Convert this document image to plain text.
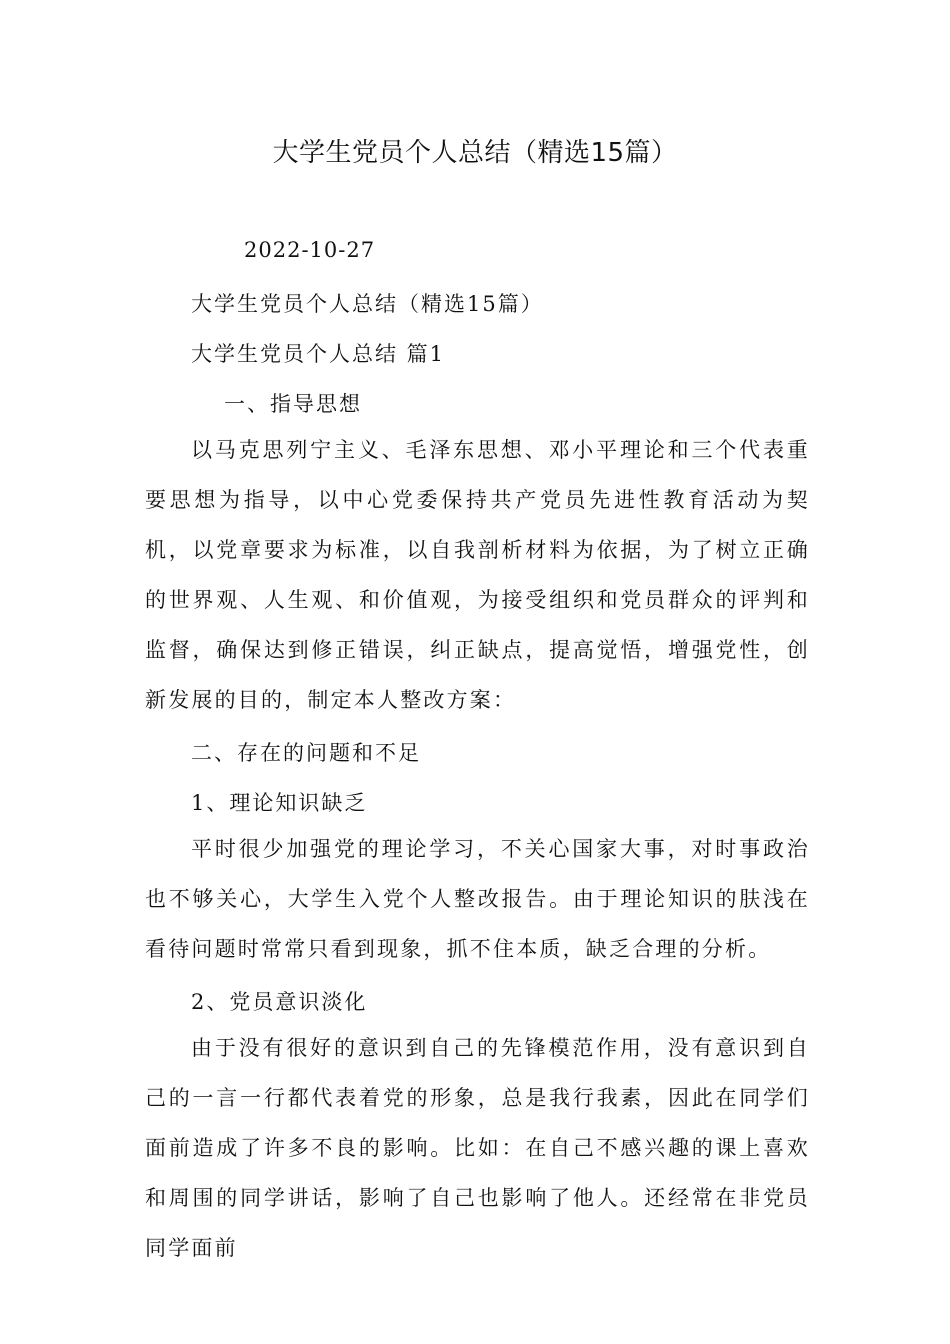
大学生党员个人总结（精选15篇）
2022-10-27
大学生党员个人总结（精选15篇）
大学生党员个人总结 篇1
一、指导思想
以马克思列宁主义、毛泽东思想、邓小平理论和三个代表重要思想为指导，以中心党委保持共产党员先进性教育活动为契机，以党章要求为标准，以自我剖析材料为依据，为了树立正确的世界观、人生观、和价值观，为接受组织和党员群众的评判和监督，确保达到修正错误，纠正缺点，提高觉悟，增强党性，创新发展的目的，制定本人整改方案：
二、存在的问题和不足
1、理论知识缺乏
平时很少加强党的理论学习，不关心国家大事，对时事政治也不够关心，大学生入党个人整改报告。由于理论知识的肤浅在看待问题时常常只看到现象，抓不住本质，缺乏合理的分析。
2、党员意识淡化
由于没有很好的意识到自己的先锋模范作用，没有意识到自己的一言一行都代表着党的形象，总是我行我素，因此在同学们面前造成了许多不良的影响。比如：在自己不感兴趣的课上喜欢和周围的同学讲话，影响了自己也影响了他人。还经常在非党员同学面前
